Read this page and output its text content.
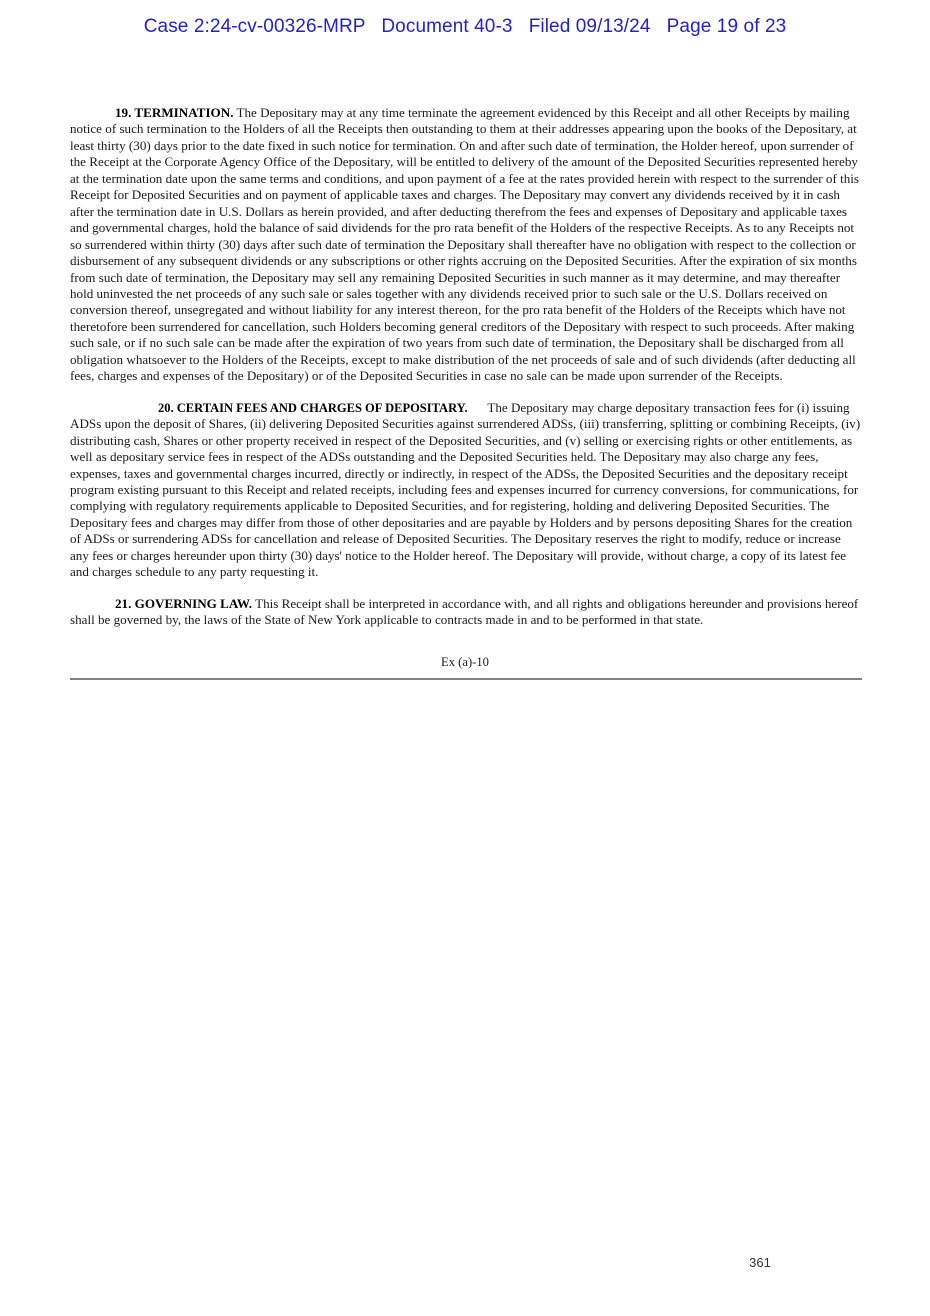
Case 2:24-cv-00326-MRP   Document 40-3   Filed 09/13/24   Page 19 of 23

19. TERMINATION. The Depositary may at any time terminate the agreement evidenced by this Receipt and all other Receipts by mailing notice of such termination to the Holders of all the Receipts then outstanding to them at their addresses appearing upon the books of the Depositary, at least thirty (30) days prior to the date fixed in such notice for termination. On and after such date of termination, the Holder hereof, upon surrender of the Receipt at the Corporate Agency Office of the Depositary, will be entitled to delivery of the amount of the Deposited Securities represented hereby at the termination date upon the same terms and conditions, and upon payment of a fee at the rates provided herein with respect to the surrender of this Receipt for Deposited Securities and on payment of applicable taxes and charges. The Depositary may convert any dividends received by it in cash after the termination date in U.S. Dollars as herein provided, and after deducting therefrom the fees and expenses of Depositary and applicable taxes and governmental charges, hold the balance of said dividends for the pro rata benefit of the Holders of the respective Receipts. As to any Receipts not so surrendered within thirty (30) days after such date of termination the Depositary shall thereafter have no obligation with respect to the collection or disbursement of any subsequent dividends or any subscriptions or other rights accruing on the Deposited Securities. After the expiration of six months from such date of termination, the Depositary may sell any remaining Deposited Securities in such manner as it may determine, and may thereafter hold uninvested the net proceeds of any such sale or sales together with any dividends received prior to such sale or the U.S. Dollars received on conversion thereof, unsegregated and without liability for any interest thereon, for the pro rata benefit of the Holders of the Receipts which have not theretofore been surrendered for cancellation, such Holders becoming general creditors of the Depositary with respect to such proceeds. After making such sale, or if no such sale can be made after the expiration of two years from such date of termination, the Depositary shall be discharged from all obligation whatsoever to the Holders of the Receipts, except to make distribution of the net proceeds of sale and of such dividends (after deducting all fees, charges and expenses of the Depositary) or of the Deposited Securities in case no sale can be made upon surrender of the Receipts.

20. CERTAIN FEES AND CHARGES OF DEPOSITARY. The Depositary may charge depositary transaction fees for (i) issuing ADSs upon the deposit of Shares, (ii) delivering Deposited Securities against surrendered ADSs, (iii) transferring, splitting or combining Receipts, (iv) distributing cash, Shares or other property received in respect of the Deposited Securities, and (v) selling or exercising rights or other entitlements, as well as depositary service fees in respect of the ADSs outstanding and the Deposited Securities held. The Depositary may also charge any fees, expenses, taxes and governmental charges incurred, directly or indirectly, in respect of the ADSs, the Deposited Securities and the depositary receipt program existing pursuant to this Receipt and related receipts, including fees and expenses incurred for currency conversions, for communications, for complying with regulatory requirements applicable to Deposited Securities, and for registering, holding and delivering Deposited Securities. The Depositary fees and charges may differ from those of other depositaries and are payable by Holders and by persons depositing Shares for the creation of ADSs or surrendering ADSs for cancellation and release of Deposited Securities. The Depositary reserves the right to modify, reduce or increase any fees or charges hereunder upon thirty (30) days' notice to the Holder hereof. The Depositary will provide, without charge, a copy of its latest fee and charges schedule to any party requesting it.

21. GOVERNING LAW. This Receipt shall be interpreted in accordance with, and all rights and obligations hereunder and provisions hereof shall be governed by, the laws of the State of New York applicable to contracts made in and to be performed in that state.

Ex (a)-10
361
